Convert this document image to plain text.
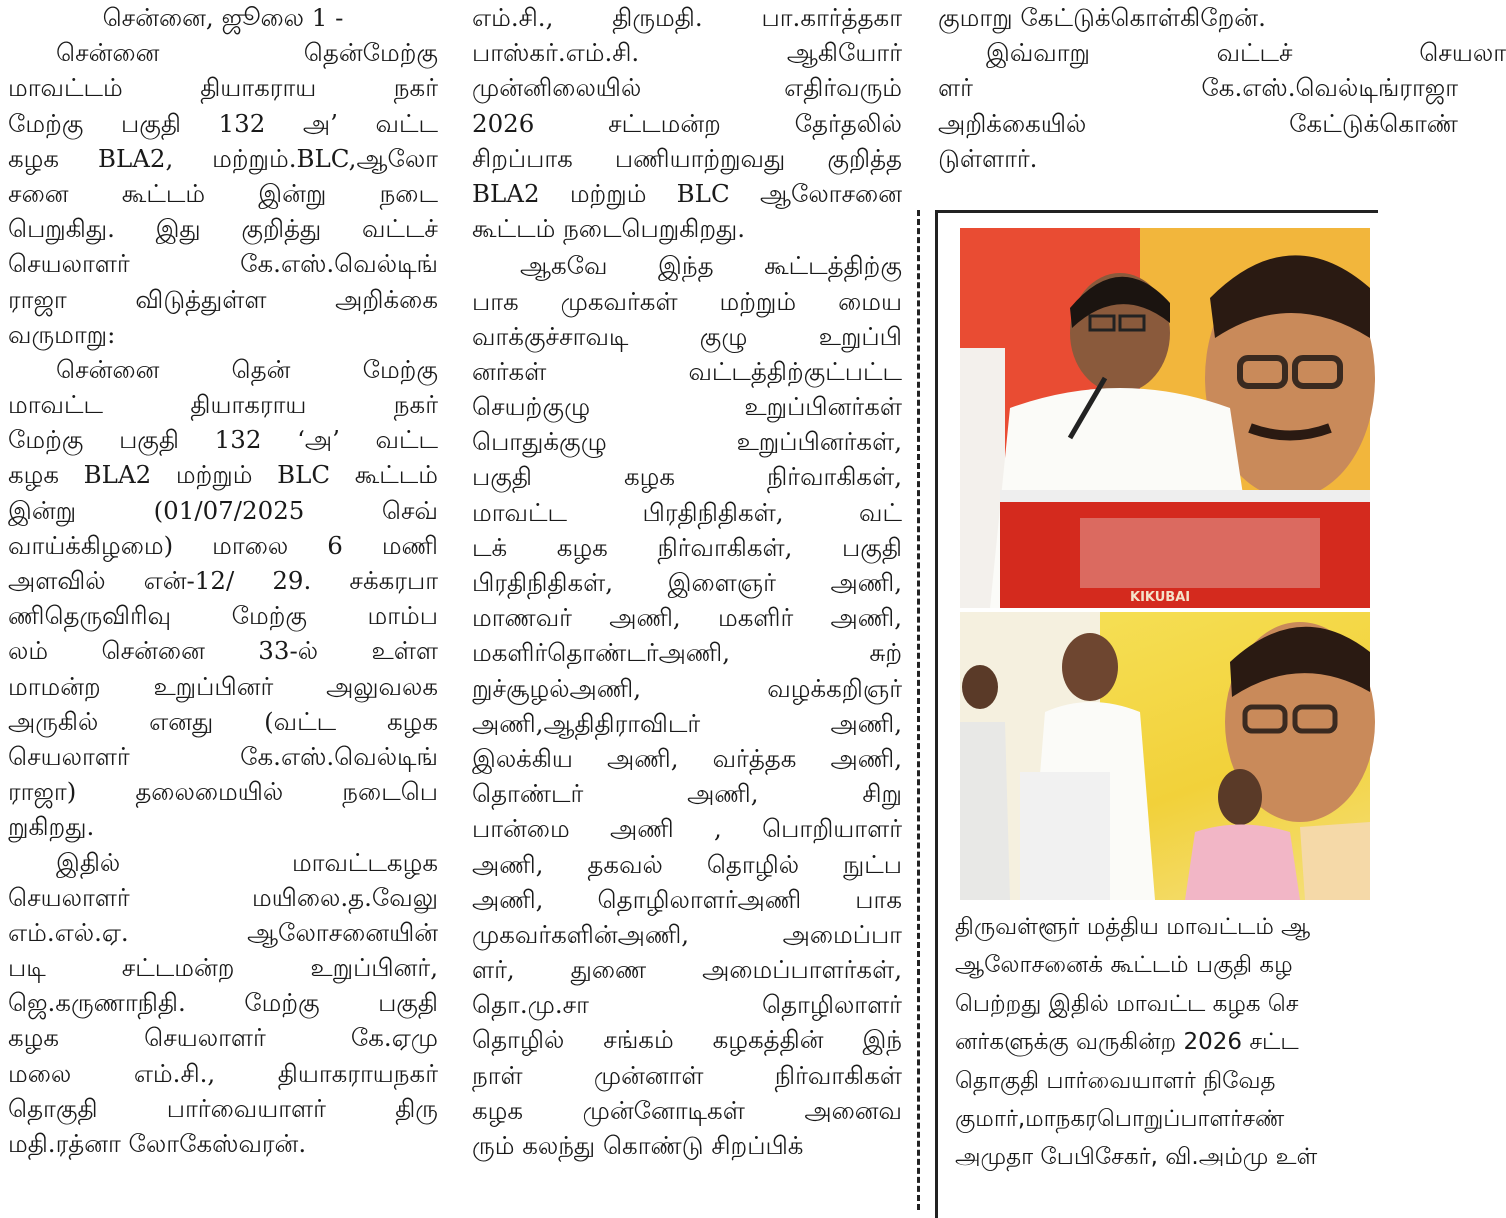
சென்னை, ஜூலை 1 -
சென்னை தென்மேற்கு
மாவட்டம் தியாகராய நகர்
மேற்கு பகுதி 132 அ’ வட்ட
கழக BLA2, மற்றும்.BLC,ஆலோ
சனை கூட்டம் இன்று நடை
பெறுகிது. இது குறித்து வட்டச்
செயலாளர் கே.எஸ்.வெல்டிங்
ராஜா விடுத்துள்ள அறிக்கை
வருமாறு:
சென்னை தென் மேற்கு
மாவட்ட தியாகராய நகர்
மேற்கு பகுதி 132 ‘அ’ வட்ட
கழக BLA2 மற்றும் BLC கூட்டம்
இன்று (01/07/2025 செவ்
வாய்க்கிழமை) மாலை 6 மணி
அளவில் என்-12/ 29. சக்கரபா
ணிதெருவிரிவு மேற்கு மாம்ப
லம் சென்னை 33-ல் உள்ள
மாமன்ற உறுப்பினர் அலுவலக
அருகில் எனது (வட்ட கழக
செயலாளர் கே.எஸ்.வெல்டிங்
ராஜா) தலைமையில் நடைபெ
றுகிறது.
இதில் மாவட்டகழக
செயலாளர் மயிலை.த.வேலு
எம்.எல்.ஏ. ஆலோசனையின்
படி சட்டமன்ற உறுப்பினர்,
ஜெ.கருணாநிதி. மேற்கு பகுதி
கழக செயலாளர் கே.ஏமு
மலை எம்.சி., தியாகராயநகர்
தொகுதி பார்வையாளர் திரு
மதி.ரத்னா லோகேஸ்வரன்.
எம்.சி., திருமதி. பா.கார்த்தகா
பாஸ்கர்.எம்.சி. ஆகியோர்
முன்னிலையில் எதிர்வரும்
2026 சட்டமன்ற தேர்தலில்
சிறப்பாக பணியாற்றுவது குறித்த
BLA2 மற்றும் BLC ஆலோசனை
கூட்டம் நடைபெறுகிறது.
ஆகவே இந்த கூட்டத்திற்கு
பாக முகவர்கள் மற்றும் மைய
வாக்குச்சாவடி குழு உறுப்பி
னர்கள் வட்டத்திற்குட்பட்ட
செயற்குழு உறுப்பினர்கள்
பொதுக்குழு உறுப்பினர்கள்,
பகுதி கழக நிர்வாகிகள்,
மாவட்ட பிரதிநிதிகள், வட்
டக் கழக நிர்வாகிகள், பகுதி
பிரதிநிதிகள், இளைஞர் அணி,
மாணவர் அணி, மகளிர் அணி,
மகளிர்தொண்டர்அணி, சுற்
றுச்சூழல்அணி, வழக்கறிஞர்
அணி,ஆதிதிராவிடர் அணி,
இலக்கிய அணி, வர்த்தக அணி,
தொண்டர் அணி, சிறு
பான்மை அணி , பொறியாளர்
அணி, தகவல் தொழில் நுட்ப
அணி, தொழிலாளர்அணி பாக
முகவர்களின்அணி, அமைப்பா
ளர், துணை அமைப்பாளர்கள்,
தொ.மு.சா தொழிலாளர்
தொழில் சங்கம் கழகத்தின் இந்
நாள் முன்னாள் நிர்வாகிகள்
கழக முன்னோடிகள் அனைவ
ரும் கலந்து கொண்டு சிறப்பிக்
குமாறு கேட்டுக்கொள்கிறேன்.
இவ்வாறு வட்டச் செயலா
ளர் கே.எஸ்.வெல்டிங்ராஜா
அறிக்கையில் கேட்டுக்கொண்
டுள்ளார்.
KIKUBAI
திருவள்ளூர் மத்திய மாவட்டம் ஆ
ஆலோசனைக் கூட்டம் பகுதி கழ
பெற்றது இதில் மாவட்ட கழக செ
னர்களுக்கு வருகின்ற 2026 சட்ட
தொகுதி பார்வையாளர் நிவேத
குமார்,மாநகரபொறுப்பாளர்சண்
அமுதா பேபிசேகர், வி.அம்மு உள்
